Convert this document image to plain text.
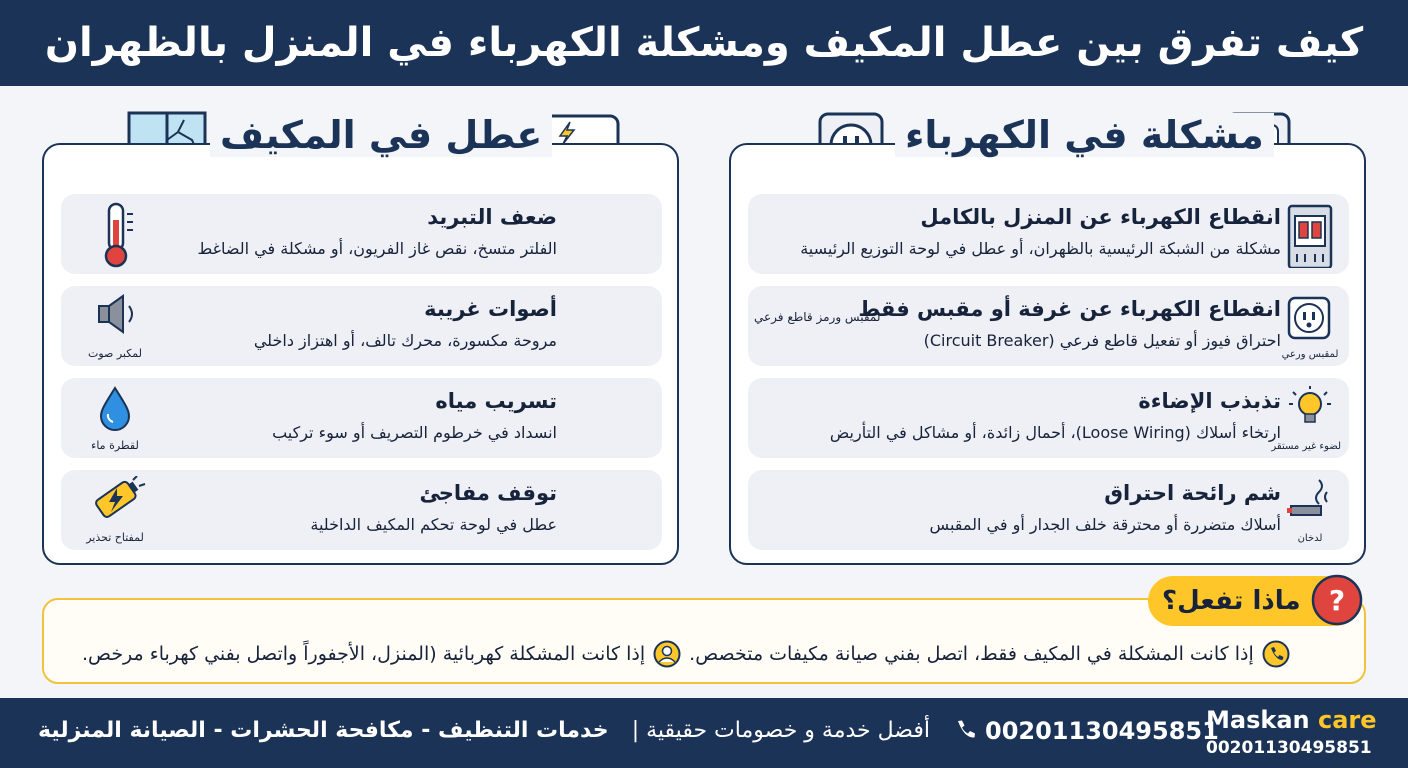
كيف تفرق بين عطل المكيف ومشكلة الكهرباء في المنزل بالظهران
ضعف التبريد
الفلتر متسخ، نقص غاز الفريون، أو مشكلة في الضاغط
أصوات غريبة
مروحة مكسورة، محرك تالف، أو اهتزاز داخلي
لمكبر صوت
تسريب مياه
انسداد في خرطوم التصريف أو سوء تركيب
لقطرة ماء
توقف مفاجئ
عطل في لوحة تحكم المكيف الداخلية
لمفتاح تحذير
عطل في المكيف
انقطاع الكهرباء عن المنزل بالكامل
مشكلة من الشبكة الرئيسية بالظهران، أو عطل في لوحة التوزيع الرئيسية
انقطاع الكهرباء عن غرفة أو مقبس فقط
لمقبس ورمز قاطع فرعي
احتراق فيوز أو تفعيل قاطع فرعي (Circuit Breaker)
لمقبس ورعي
تذبذب الإضاءة
ارتخاء أسلاك (Loose Wiring)، أحمال زائدة، أو مشاكل في التأريض
لضوء غير مستقر
شم رائحة احتراق
أسلاك متضررة أو محترقة خلف الجدار أو في المقبس
لدخان
مشكلة في الكهرباء
ماذا تفعل؟ ?
إذا كانت المشكلة في المكيف فقط، اتصل بفني صيانة مكيفات متخصص.
إذا كانت المشكلة كهربائية (المنزل، الأجفوراً واتصل بفني كهرباء مرخص.
Maskan care
00201130495851
00201130495851
أفضل خدمة و خصومات حقيقية |
خدمات التنظيف - مكافحة الحشرات - الصيانة المنزلية
